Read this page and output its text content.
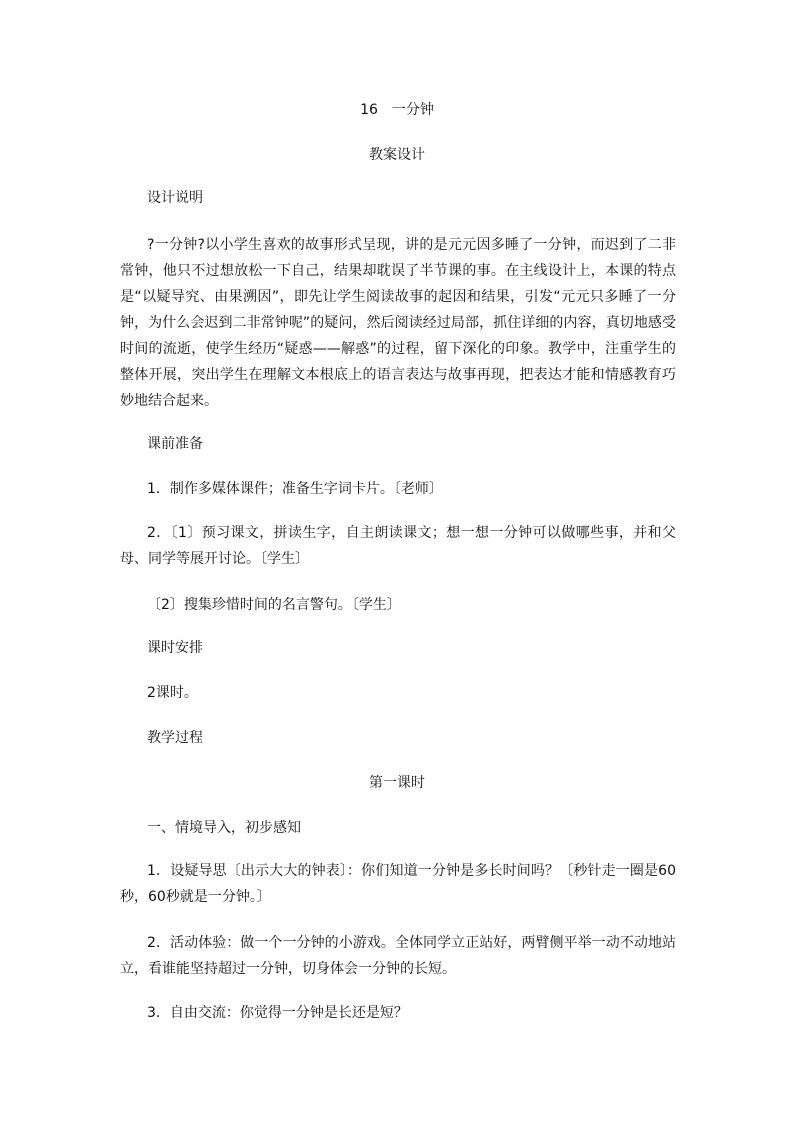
16　一分钟
教案设计
设计说明
?一分钟?以小学生喜欢的故事形式呈现，讲的是元元因多睡了一分钟，而迟到了二非常钟，他只不过想放松一下自己，结果却耽误了半节课的事。在主线设计上，本课的特点是“以疑导究、由果溯因”，即先让学生阅读故事的起因和结果，引发“元元只多睡了一分钟，为什么会迟到二非常钟呢”的疑问，然后阅读经过局部，抓住详细的内容，真切地感受时间的流逝，使学生经历“疑惑——解惑”的过程，留下深化的印象。教学中，注重学生的整体开展，突出学生在理解文本根底上的语言表达与故事再现，把表达才能和情感教育巧妙地结合起来。
课前准备
1．制作多媒体课件；准备生字词卡片。〔老师〕
2．〔1〕预习课文，拼读生字，自主朗读课文；想一想一分钟可以做哪些事，并和父母、同学等展开讨论。〔学生〕
〔2〕搜集珍惜时间的名言警句。〔学生〕
课时安排
2课时。
教学过程
第一课时
一、情境导入，初步感知
1．设疑导思〔出示大大的钟表〕：你们知道一分钟是多长时间吗？〔秒针走一圈是60秒，60秒就是一分钟。〕
2．活动体验：做一个一分钟的小游戏。全体同学立正站好，两臂侧平举一动不动地站立，看谁能坚持超过一分钟，切身体会一分钟的长短。
3．自由交流：你觉得一分钟是长还是短？
